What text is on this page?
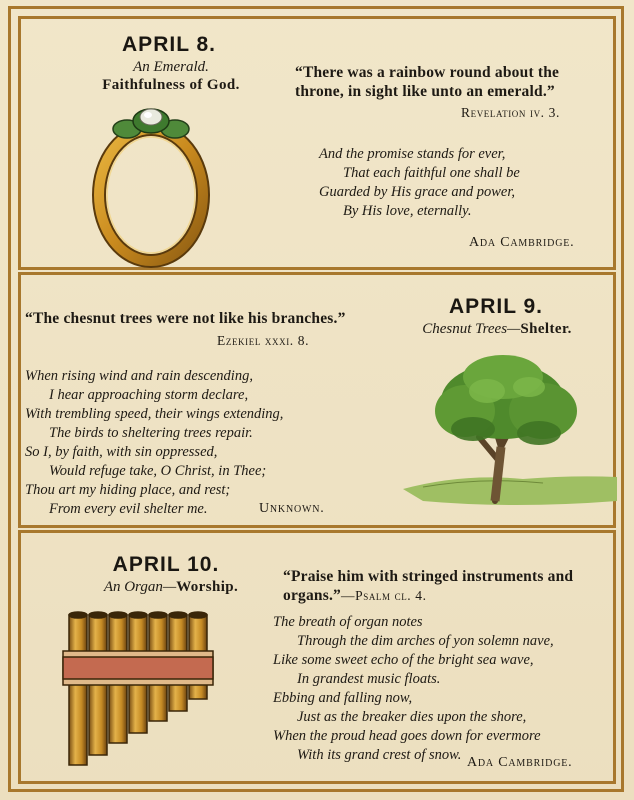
APRIL 8.
An Emerald.
Faithfulness of God.
“There was a rainbow round about the throne, in sight like unto an emerald.”
Revelation iv. 3.
And the promise stands for ever,
That each faithful one shall be
Guarded by His grace and power,
By His love, eternally.
Ada Cambridge.
“The chesnut trees were not like his branches.”
Ezekiel xxxi. 8.
When rising wind and rain descending,
I hear approaching storm declare,
With trembling speed, their wings extending,
The birds to sheltering trees repair.
So I, by faith, with sin oppressed,
Would refuge take, O Christ, in Thee;
Thou art my hiding place, and rest;
From every evil shelter me.	Unknown.
APRIL 9.
Chesnut Trees—Shelter.
APRIL 10.
An Organ—Worship.
“Praise him with stringed instruments and organs.”—Psalm cl. 4.
The breath of organ notes
Through the dim arches of yon solemn nave,
Like some sweet echo of the bright sea wave,
In grandest music floats.
Ebbing and falling now,
Just as the breaker dies upon the shore,
When the proud head goes down for evermore
With its grand crest of snow. Ada Cambridge.
